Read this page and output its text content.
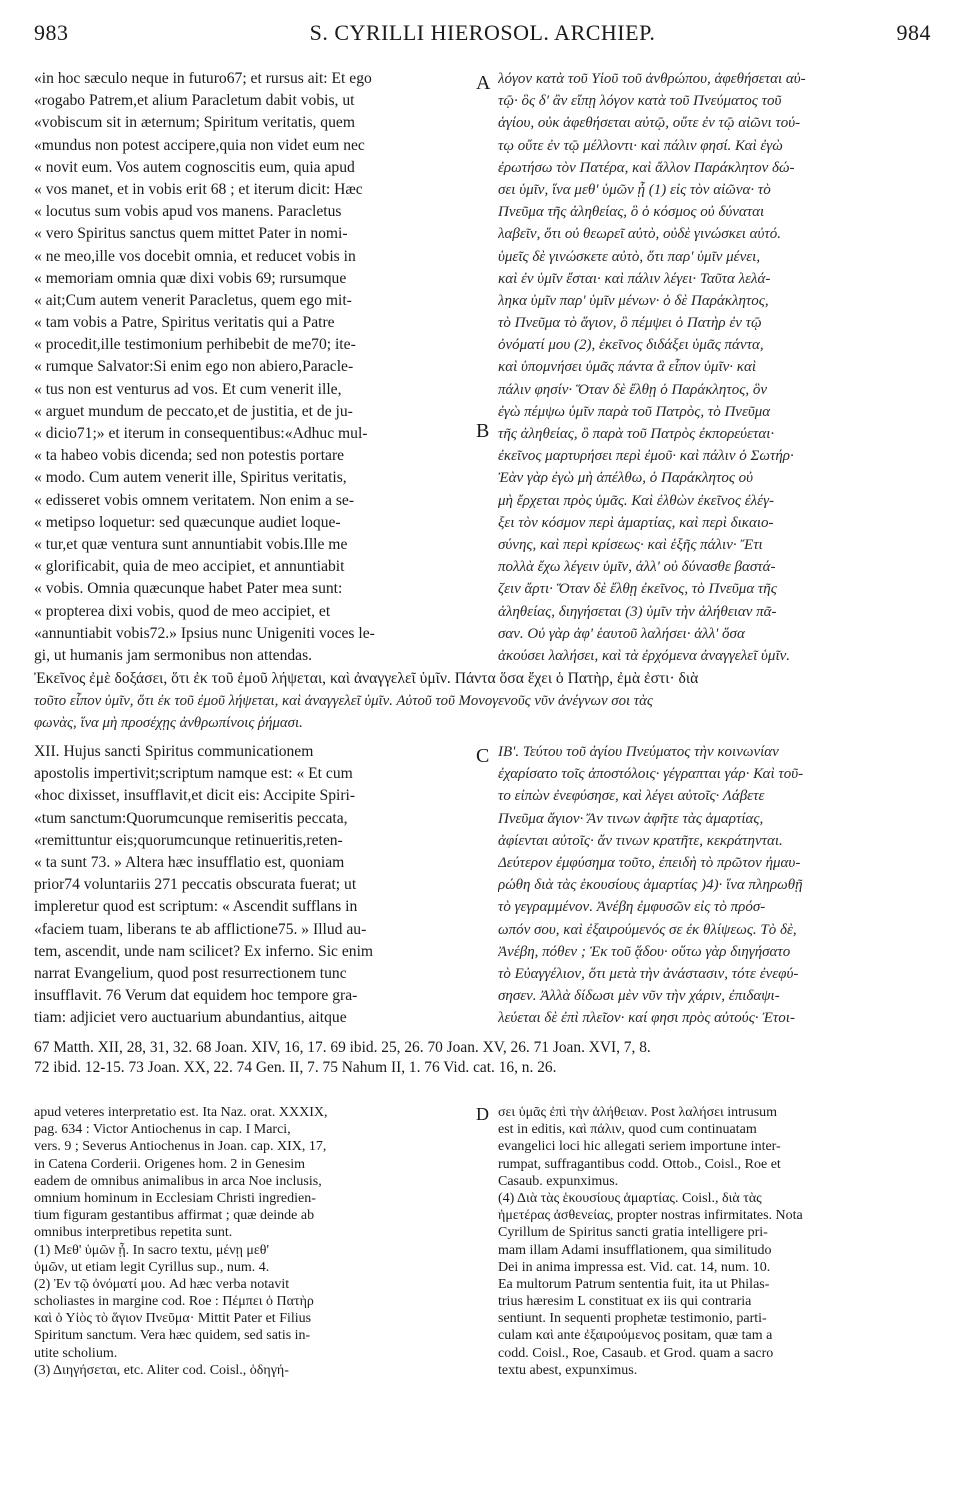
983	S. CYRILLI HIEROSOL. ARCHIEP.	984
«in hoc sæculo neque in futuro67; et rursus ait: Et ego
«rogabo Patrem,et alium Paracletum dabit vobis, ut
«vobiscum sit in æternum; Spiritum veritatis, quem
«mundus non potest accipere,quia non videt eum nec
« novit eum. Vos autem cognoscitis eum, quia apud
« vos manet, et in vobis erit 68 ; et iterum dicit: Hæc
« locutus sum vobis apud vos manens. Paracletus
« vero Spiritus sanctus quem mittet Pater in nomi-
« ne meo,ille vos docebit omnia, et reducet vobis in
« memoriam omnia quæ dixi vobis 69; rursumque
« ait;Cum autem venerit Paracletus, quem ego mit-
« tam vobis a Patre, Spiritus veritatis qui a Patre
« procedit,ille testimonium perhibebit de me70; ite-
« rumque Salvator:Si enim ego non abiero,Paracle-
« tus non est venturus ad vos. Et cum venerit ille,
« arguet mundum de peccato,et de justitia, et de ju-
« dicio71;» et iterum in consequentibus:«Adhuc mul-
« ta habeo vobis dicenda; sed non potestis portare
« modo. Cum autem venerit ille, Spiritus veritatis,
« edisseret vobis omnem veritatem. Non enim a se-
« metipso loquetur: sed quæcunque audiet loque-
« tur,et quæ ventura sunt annuntiabit vobis.Ille me
« glorificabit, quia de meo accipiet, et annuntiabit
« vobis. Omnia quæcunque habet Pater mea sunt:
« propterea dixi vobis, quod de meo accipiet, et
«annuntiabit vobis72.» Ipsius nunc Unigeniti voces le-
gi, ut humanis jam sermonibus non attendas.
A
B
λόγον κατὰ τοῦ Υἱοῦ τοῦ ἀνθρώπου, ἀφεθήσεται αὐ-
τῷ· ὃς δ' ἂν εἴπῃ λόγον κατὰ τοῦ Πνεύματος τοῦ
ἁγίου, οὐκ ἀφεθήσεται αὐτῷ, οὔτε ἐν τῷ αἰῶνι τού-
τῳ οὔτε ἐν τῷ μέλλοντι· καὶ πάλιν φησί. Καὶ ἐγὼ
ἐρωτήσω τὸν Πατέρα, καὶ ἄλλον Παράκλητον δώ-
σει ὑμῖν, ἵνα μεθ' ὑμῶν ᾖ (1) εἰς τὸν αἰῶνα· τὸ
Πνεῦμα τῆς ἀληθείας, ὃ ὁ κόσμος οὐ δύναται
λαβεῖν, ὅτι οὐ θεωρεῖ αὐτὸ, οὐδὲ γινώσκει αὐτό.
ὑμεῖς δὲ γινώσκετε αὐτὸ, ὅτι παρ' ὑμῖν μένει,
καὶ ἐν ὑμῖν ἔσται· καὶ πάλιν λέγει· Ταῦτα λελά-
ληκα ὑμῖν παρ' ὑμῖν μένων· ὁ δὲ Παράκλητος,
τὸ Πνεῦμα τὸ ἅγιον, ὃ πέμψει ὁ Πατὴρ ἐν τῷ
ὀνόματί μου (2), ἐκεῖνος διδάξει ὑμᾶς πάντα,
καὶ ὑπομνήσει ὑμᾶς πάντα ἃ εἶπον ὑμῖν· καὶ
πάλιν φησίν· Ὅταν δὲ ἔλθῃ ὁ Παράκλητος, ὃν
ἐγὼ πέμψω ὑμῖν παρὰ τοῦ Πατρὸς, τὸ Πνεῦμα
τῆς ἀληθείας, ὃ παρὰ τοῦ Πατρὸς ἐκπορεύεται·
ἐκεῖνος μαρτυρήσει περὶ ἐμοῦ· καὶ πάλιν ὁ Σωτήρ·
Ἐὰν γὰρ ἐγὼ μὴ ἀπέλθω, ὁ Παράκλητος οὐ
μὴ ἔρχεται πρὸς ὑμᾶς. Καὶ ἐλθὼν ἐκεῖνος ἐλέγ-
ξει τὸν κόσμον περὶ ἁμαρτίας, καὶ περὶ δικαιο-
σύνης, καὶ περὶ κρίσεως· καὶ ἑξῆς πάλιν· Ἔτι
πολλὰ ἔχω λέγειν ὑμῖν, ἀλλ' οὐ δύνασθε βαστά-
ζειν ἄρτι· Ὅταν δὲ ἔλθῃ ἐκεῖνος, τὸ Πνεῦμα τῆς
ἀληθείας, διηγήσεται (3) ὑμῖν τὴν ἀλήθειαν πᾶ-
σαν. Οὐ γὰρ ἀφ' ἑαυτοῦ λαλήσει· ἀλλ' ὅσα
ἀκούσει λαλήσει, καὶ τὰ ἐρχόμενα ἀναγγελεῖ ὑμῖν.
Ἐκεῖνος ἐμὲ δοξάσει, ὅτι ἐκ τοῦ ἐμοῦ λήψεται, καὶ ἀναγγελεῖ ὑμῖν. Πάντα ὅσα ἔχει ὁ Πατὴρ, ἐμὰ ἐστι· διὰ
τοῦτο εἶπον ὑμῖν, ὅτι ἐκ τοῦ ἐμοῦ λήψεται, καὶ ἀναγγελεῖ ὑμῖν. Αὐτοῦ τοῦ Μονογενοῦς νῦν ἀνέγνων σοι τὰς
φωνὰς, ἵνα μὴ προσέχῃς ἀνθρωπίνοις ῥήμασι.
XII. Hujus sancti Spiritus communicationem
apostolis impertivit;scriptum namque est: « Et cum
«hoc dixisset, insufflavit,et dicit eis: Accipite Spiri-
«tum sanctum:Quorumcunque remiseritis peccata,
«remittuntur eis;quorumcunque retinueritis,reten-
« ta sunt 73. » Altera hæc insufflatio est, quoniam
prior74 voluntariis 271 peccatis obscurata fuerat; ut
impleretur quod est scriptum: « Ascendit sufflans in
«faciem tuam, liberans te ab afflictione75. » Illud au-
tem, ascendit, unde nam scilicet? Ex inferno. Sic enim
narrat Evangelium, quod post resurrectionem tunc
insufflavit. 76 Verum dat equidem hoc tempore gra-
tiam: adjiciet vero auctuarium abundantius, aitque
C ΙΒ'. Τεύτου τοῦ ἁγίου Πνεύματος τὴν κοινωνίαν
ἐχαρίσατο τοῖς ἀποστόλοις· γέγραπται γάρ· Καὶ τοῦ-
το εἰπὼν ἐνεφύσησε, καὶ λέγει αὐτοῖς· Λάβετε
Πνεῦμα ἅγιον· Ἄν τινων ἀφῆτε τὰς ἁμαρτίας,
ἀφίενται αὐτοῖς· ἄν τινων κρατῆτε, κεκράτηνται.
Δεύτερον ἐμφύσημα τοῦτο, ἐπειδὴ τὸ πρῶτον ἠμαυ-
ρώθη διὰ τὰς ἑκουσίους ἁμαρτίας )4)· ἵνα πληρωθῇ
τὸ γεγραμμένον. Ἀνέβη ἐμφυσῶν εἰς τὸ πρόσ-
ωπόν σου, καὶ ἐξαιρούμενός σε ἐκ θλίψεως. Τὸ δὲ,
Ἀνέβη, πόθεν ; Ἐκ τοῦ ᾅδου· οὕτω γὰρ διηγήσατο
τὸ Εὐαγγέλιον, ὅτι μετὰ τὴν ἀνάστασιν, τότε ἐνεφύ-
σησεν. Ἀλλὰ δίδωσι μὲν νῦν τὴν χάριν, ἐπιδαψι-
λεύεται δὲ ἐπὶ πλεῖον· καί φησι πρὸς αὐτούς· Ἐτοι-
67 Matth. XII, 28, 31, 32. 68 Joan. XIV, 16, 17. 69 ibid. 25, 26. 70 Joan. XV, 26. 71 Joan. XVI, 7, 8.
72 ibid. 12-15. 73 Joan. XX, 22. 74 Gen. II, 7. 75 Nahum II, 1. 76 Vid. cat. 16, n. 26.
apud veteres interpretatio est. Ita Naz. orat. XXXIX,
pag. 634 : Victor Antiochenus in cap. I Marci,
vers. 9 ; Severus Antiochenus in Joan. cap. XIX, 17,
in Catena Corderii. Origenes hom. 2 in Genesim
eadem de omnibus animalibus in arca Noe inclusis,
omnium hominum in Ecclesiam Christi ingredien-
tium figuram gestantibus affirmat ; quæ deinde ab
omnibus interpretibus repetita sunt.
(1) Μεθ' ὑμῶν ᾖ. In sacro textu, μένῃ μεθ'
ὑμῶν, ut etiam legit Cyrillus sup., num. 4.
(2) Ἐν τῷ ὀνόματί μου. Ad hæc verba notavit
scholiastes in margine cod. Roe : Πέμπει ὁ Πατὴρ
καὶ ὁ Υἱὸς τὸ ἅγιον Πνεῦμα· Mittit Pater et Filius
Spiritum sanctum. Vera hæc quidem, sed satis in-
utite scholium.
(3) Διηγήσεται, etc. Aliter cod. Coisl., ὁδηγή-
D σει ὑμᾶς ἐπὶ τὴν ἀλήθειαν. Post λαλήσει intrusum
est in editis, καὶ πάλιν, quod cum continuatam
evangelici loci hic allegati seriem importune inter-
rumpat, suffragantibus codd. Ottob., Coisl., Roe et
Casaub. expunximus.
(4) Διὰ τὰς ἑκουσίους ἁμαρτίας. Coisl., διὰ τὰς
ἡμετέρας ἀσθενείας, propter nostras infirmitates. Nota
Cyrillum de Spiritus sancti gratia intelligere pri-
mam illam Adami insufflationem, qua similitudo
Dei in anima impressa est. Vid. cat. 14, num. 10.
Ea multorum Patrum sententia fuit, ita ut Philas-
trius hæresim L constituat ex iis qui contraria
sentiunt. In sequenti prophetæ testimonio, parti-
culam καὶ ante ἐξαιρούμενος positam, quæ tam a
codd. Coisl., Roe, Casaub. et Grod. quam a sacro
textu abest, expunximus.
